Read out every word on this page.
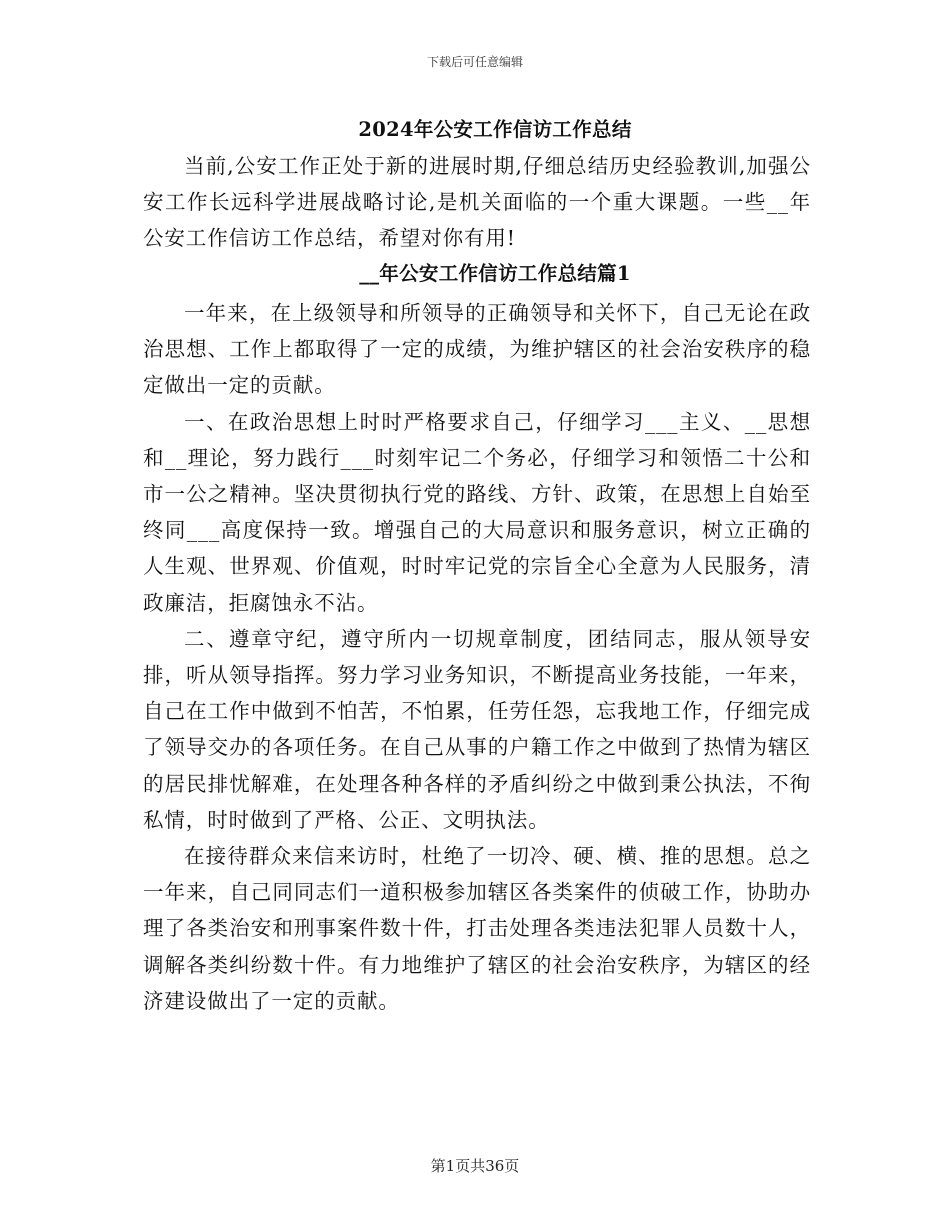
下载后可任意编辑
2024年公安工作信访工作总结

当前,公安工作正处于新的进展时期,仔细总结历史经验教训,加强公安工作长远科学进展战略讨论,是机关面临的一个重大课题。一些__年公安工作信访工作总结，希望对你有用!

__年公安工作信访工作总结篇1

一年来，在上级领导和所领导的正确领导和关怀下，自己无论在政治思想、工作上都取得了一定的成绩，为维护辖区的社会治安秩序的稳定做出一定的贡献。

一、在政治思想上时时严格要求自己，仔细学习___主义、__思想和__理论，努力践行___时刻牢记二个务必，仔细学习和领悟二十公和市一公之精神。坚决贯彻执行党的路线、方针、政策，在思想上自始至终同___高度保持一致。增强自己的大局意识和服务意识，树立正确的人生观、世界观、价值观，时时牢记党的宗旨全心全意为人民服务，清政廉洁，拒腐蚀永不沾。

二、遵章守纪，遵守所内一切规章制度，团结同志，服从领导安排，听从领导指挥。努力学习业务知识，不断提高业务技能，一年来，自己在工作中做到不怕苦，不怕累，任劳任怨，忘我地工作，仔细完成了领导交办的各项任务。在自己从事的户籍工作之中做到了热情为辖区的居民排忧解难，在处理各种各样的矛盾纠纷之中做到秉公执法，不徇私情，时时做到了严格、公正、文明执法。

在接待群众来信来访时，杜绝了一切冷、硬、横、推的思想。总之一年来，自己同同志们一道积极参加辖区各类案件的侦破工作，协助办理了各类治安和刑事案件数十件，打击处理各类违法犯罪人员数十人，调解各类纠纷数十件。有力地维护了辖区的社会治安秩序，为辖区的经济建设做出了一定的贡献。

第1页共36页
